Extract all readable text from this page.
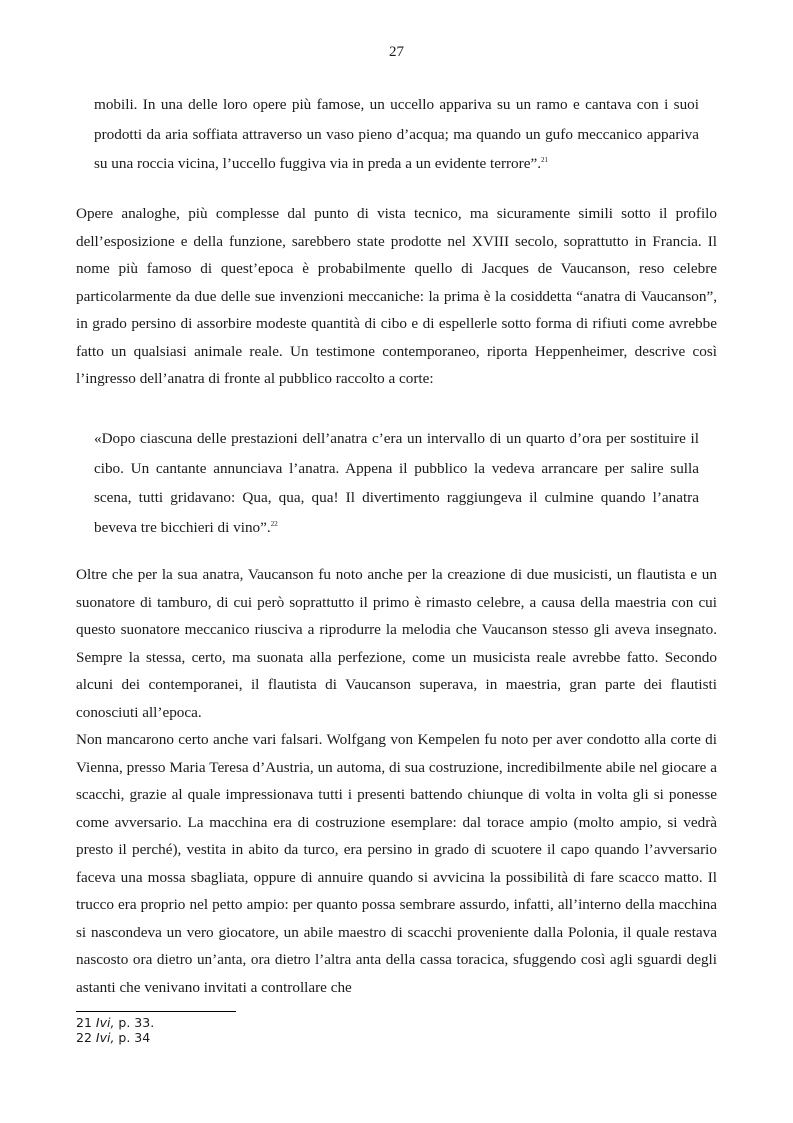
27

mobili. In una delle loro opere più famose, un uccello appariva su un ramo e cantava con i suoi prodotti da aria soffiata attraverso un vaso pieno d’acqua; ma quando un gufo meccanico appariva su una roccia vicina, l’uccello fuggiva via in preda a un evidente terrore”.$^{21}$

Opere analoghe, più complesse dal punto di vista tecnico, ma sicuramente simili sotto il profilo dell’esposizione e della funzione, sarebbero state prodotte nel XVIII secolo, soprattutto in Francia. Il nome più famoso di quest’epoca è probabilmente quello di Jacques de Vaucanson, reso celebre particolarmente da due delle sue invenzioni meccaniche: la prima è la cosiddetta “anatra di Vaucanson”, in grado persino di assorbire modeste quantità di cibo e di espellerle sotto forma di rifiuti come avrebbe fatto un qualsiasi animale reale. Un testimone contemporaneo, riporta Heppenheimer, descrive così l’ingresso dell’anatra di fronte al pubblico raccolto a corte:

«Dopo ciascuna delle prestazioni dell’anatra c’era un intervallo di un quarto d’ora per sostituire il cibo. Un cantante annunciava l’anatra. Appena il pubblico la vedeva arrancare per salire sulla scena, tutti gridavano: Qua, qua, qua! Il divertimento raggiungeva il culmine quando l’anatra beveva tre bicchieri di vino”.$^{22}$

Oltre che per la sua anatra, Vaucanson fu noto anche per la creazione di due musicisti, un flautista e un suonatore di tamburo, di cui però soprattutto il primo è rimasto celebre, a causa della maestria con cui questo suonatore meccanico riusciva a riprodurre la melodia che Vaucanson stesso gli aveva insegnato. Sempre la stessa, certo, ma suonata alla perfezione, come un musicista reale avrebbe fatto. Secondo alcuni dei contemporanei, il flautista di Vaucanson superava, in maestria, gran parte dei flautisti conosciuti all’epoca.

Non mancarono certo anche vari falsari. Wolfgang von Kempelen fu noto per aver condotto alla corte di Vienna, presso Maria Teresa d’Austria, un automa, di sua costruzione, incredibilmente abile nel giocare a scacchi, grazie al quale impressionava tutti i presenti battendo chiunque di volta in volta gli si ponesse come avversario. La macchina era di costruzione esemplare: dal torace ampio (molto ampio, si vedrà presto il perché), vestita in abito da turco, era persino in grado di scuotere il capo quando l’avversario faceva una mossa sbagliata, oppure di annuire quando si avvicina la possibilità di fare scacco matto. Il trucco era proprio nel petto ampio: per quanto possa sembrare assurdo, infatti, all’interno della macchina si nascondeva un vero giocatore, un abile maestro di scacchi proveniente dalla Polonia, il quale restava nascosto ora dietro un’anta, ora dietro l’altra anta della cassa toracica, sfuggendo così agli sguardi degli astanti che venivano invitati a controllare che

21 Ivi, p. 33.
22 Ivi, p. 34
